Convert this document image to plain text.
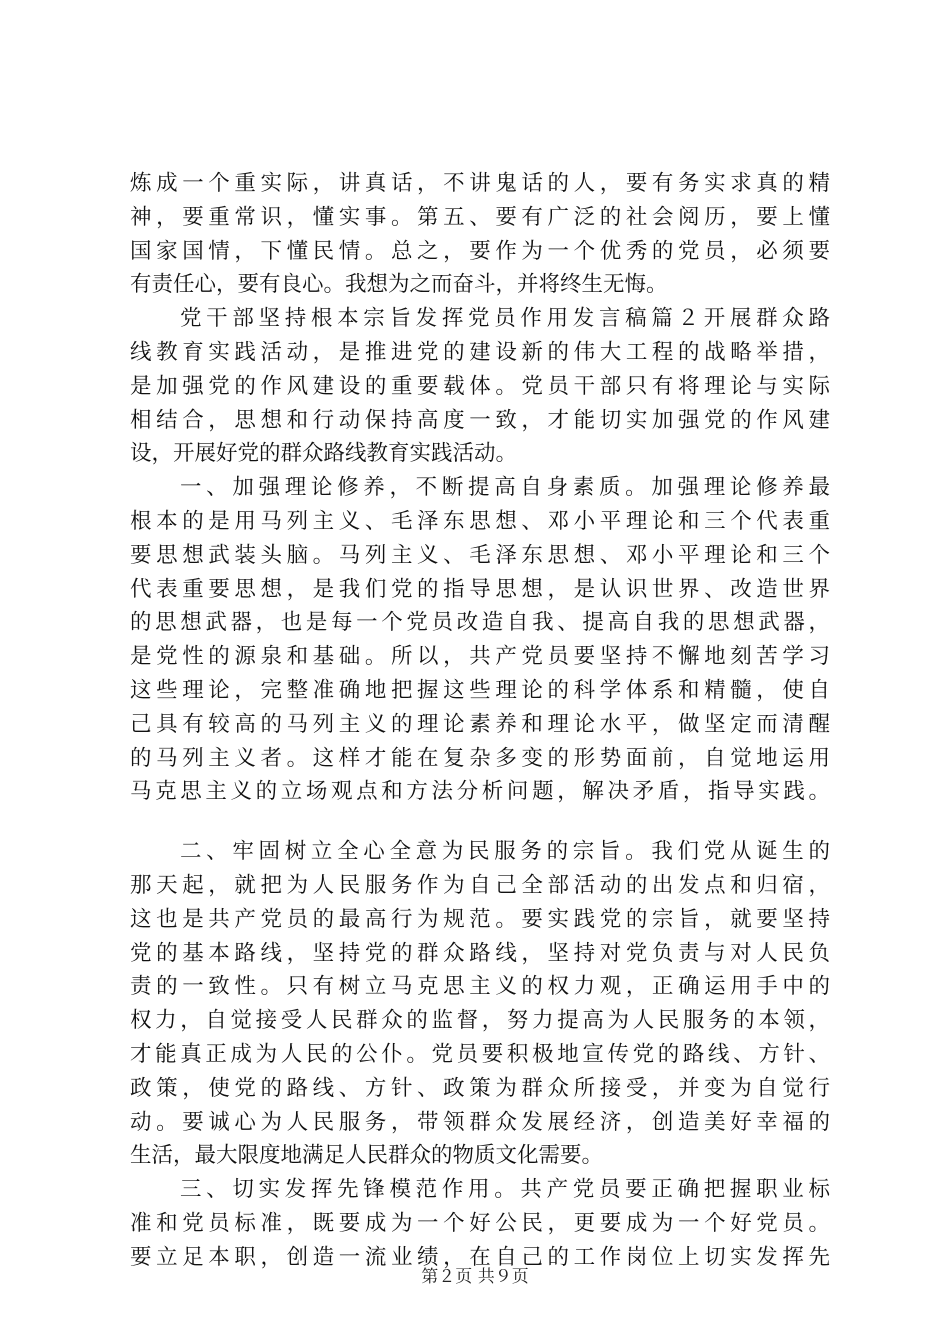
炼成一个重实际，讲真话，不讲鬼话的人，要有务实求真的精
神，要重常识，懂实事。第五、要有广泛的社会阅历，要上懂
国家国情，下懂民情。总之，要作为一个优秀的党员，必须要
有责任心，要有良心。我想为之而奋斗，并将终生无悔。
党干部坚持根本宗旨发挥党员作用发言稿篇２开展群众路
线教育实践活动，是推进党的建设新的伟大工程的战略举措，
是加强党的作风建设的重要载体。党员干部只有将理论与实际
相结合，思想和行动保持高度一致，才能切实加强党的作风建
设，开展好党的群众路线教育实践活动。
一、加强理论修养，不断提高自身素质。加强理论修养最
根本的是用马列主义、毛泽东思想、邓小平理论和三个代表重
要思想武装头脑。马列主义、毛泽东思想、邓小平理论和三个
代表重要思想，是我们党的指导思想，是认识世界、改造世界
的思想武器，也是每一个党员改造自我、提高自我的思想武器，
是党性的源泉和基础。所以，共产党员要坚持不懈地刻苦学习
这些理论，完整准确地把握这些理论的科学体系和精髓，使自
己具有较高的马列主义的理论素养和理论水平，做坚定而清醒
的马列主义者。这样才能在复杂多变的形势面前，自觉地运用
马克思主义的立场观点和方法分析问题，解决矛盾，指导实践。
二、牢固树立全心全意为民服务的宗旨。我们党从诞生的
那天起，就把为人民服务作为自己全部活动的出发点和归宿，
这也是共产党员的最高行为规范。要实践党的宗旨，就要坚持
党的基本路线，坚持党的群众路线，坚持对党负责与对人民负
责的一致性。只有树立马克思主义的权力观，正确运用手中的
权力，自觉接受人民群众的监督，努力提高为人民服务的本领，
才能真正成为人民的公仆。党员要积极地宣传党的路线、方针、
政策，使党的路线、方针、政策为群众所接受，并变为自觉行
动。要诚心为人民服务，带领群众发展经济，创造美好幸福的
生活，最大限度地满足人民群众的物质文化需要。
三、切实发挥先锋模范作用。共产党员要正确把握职业标
准和党员标准，既要成为一个好公民，更要成为一个好党员。
要立足本职，创造一流业绩，在自己的工作岗位上切实发挥先
第２页 共９页
